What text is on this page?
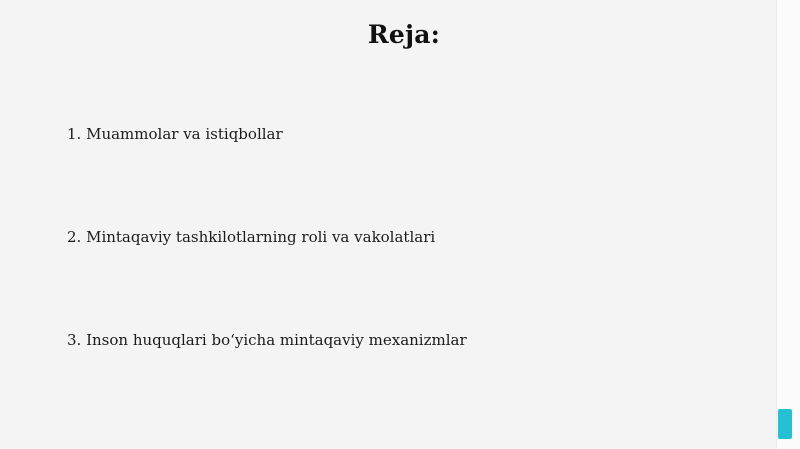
Reja:
1. Muammolar va istiqbollar
2. Mintaqaviy tashkilotlarning roli va vakolatlari
3. Inson huquqlari bo‘yicha mintaqaviy mexanizmlar
